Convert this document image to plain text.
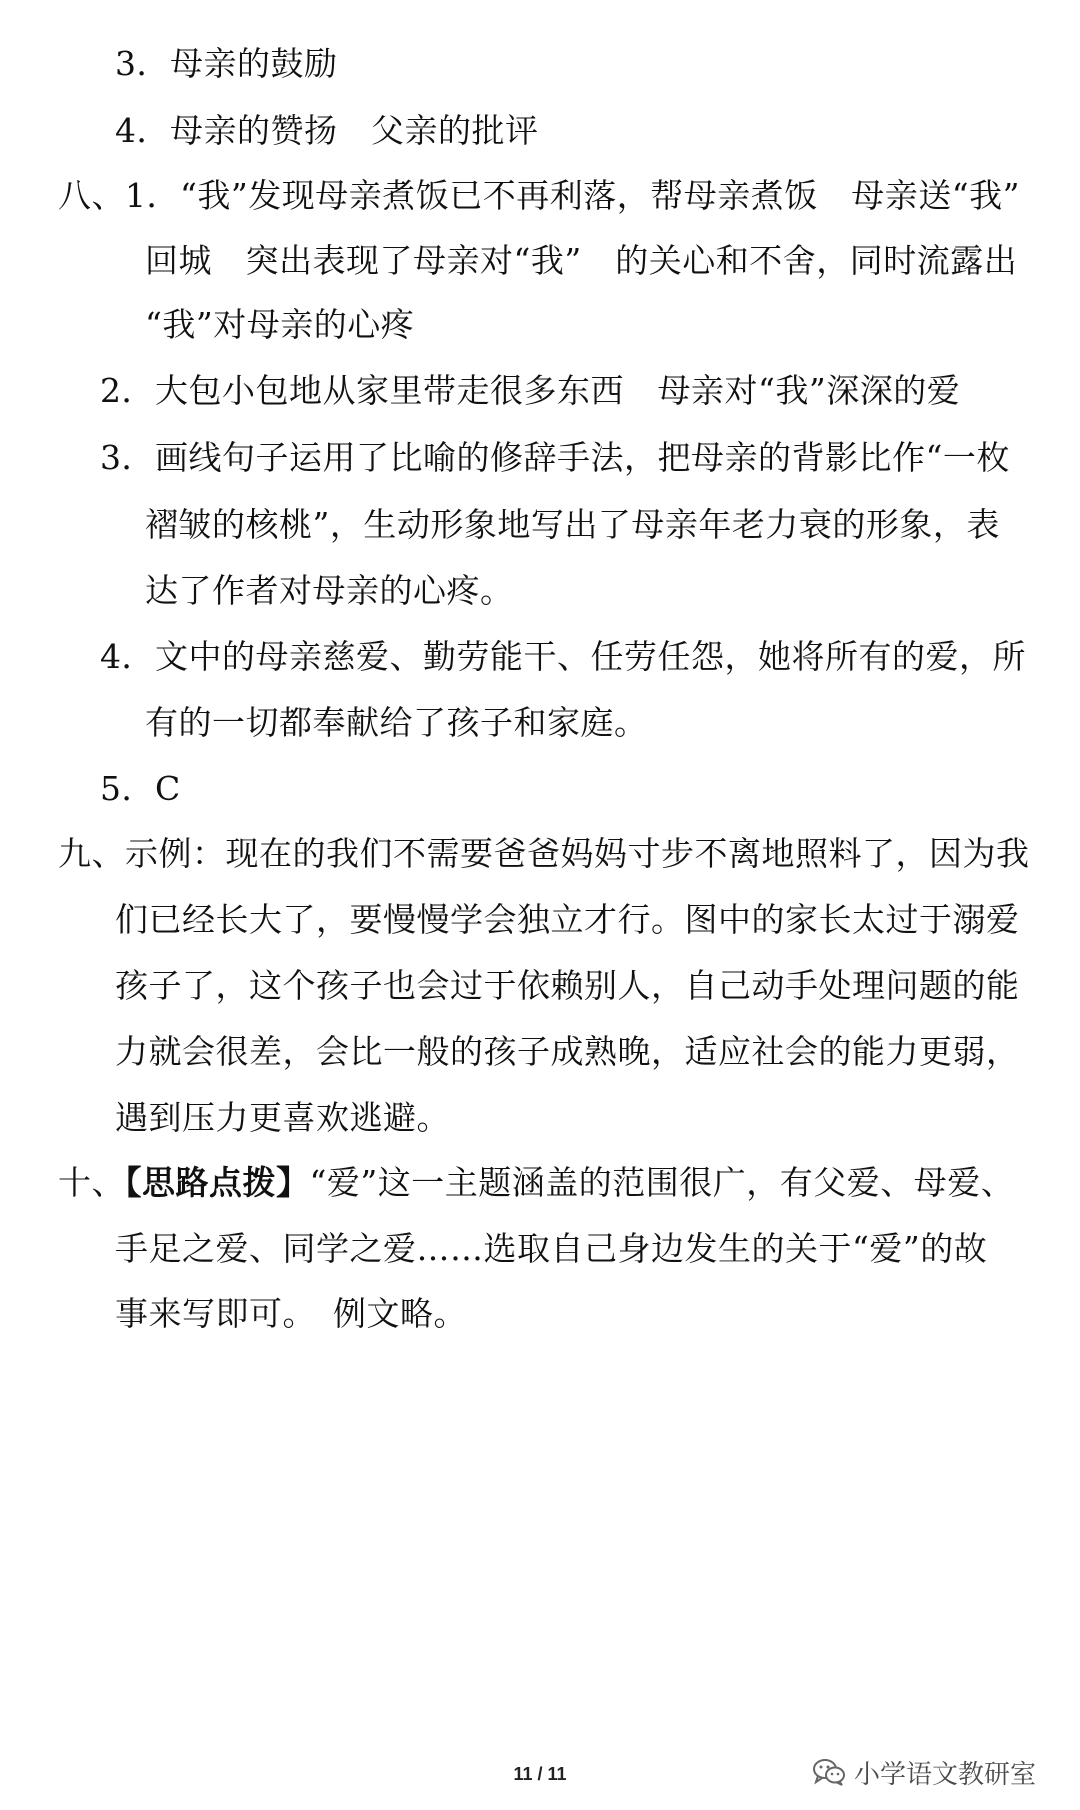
3．母亲的鼓励
4．母亲的赞扬　父亲的批评
八、1．“我”发现母亲煮饭已不再利落，帮母亲煮饭　母亲送“我”
回城　突出表现了母亲对“我”　的关心和不舍，同时流露出
“我”对母亲的心疼
2．大包小包地从家里带走很多东西　母亲对“我”深深的爱
3．画线句子运用了比喻的修辞手法，把母亲的背影比作“一枚
褶皱的核桃”，生动形象地写出了母亲年老力衰的形象，表
达了作者对母亲的心疼。
4．文中的母亲慈爱、勤劳能干、任劳任怨，她将所有的爱，所
有的一切都奉献给了孩子和家庭。
5．C
九、示例：现在的我们不需要爸爸妈妈寸步不离地照料了，因为我
们已经长大了，要慢慢学会独立才行。图中的家长太过于溺爱
孩子了，这个孩子也会过于依赖别人，自己动手处理问题的能
力就会很差，会比一般的孩子成熟晚，适应社会的能力更弱，
遇到压力更喜欢逃避。
十、【思路点拨】“爱”这一主题涵盖的范围很广，有父爱、母爱、
手足之爱、同学之爱……选取自己身边发生的关于“爱”的故
事来写即可。　例文略。
11 / 11	小学语文教研室
